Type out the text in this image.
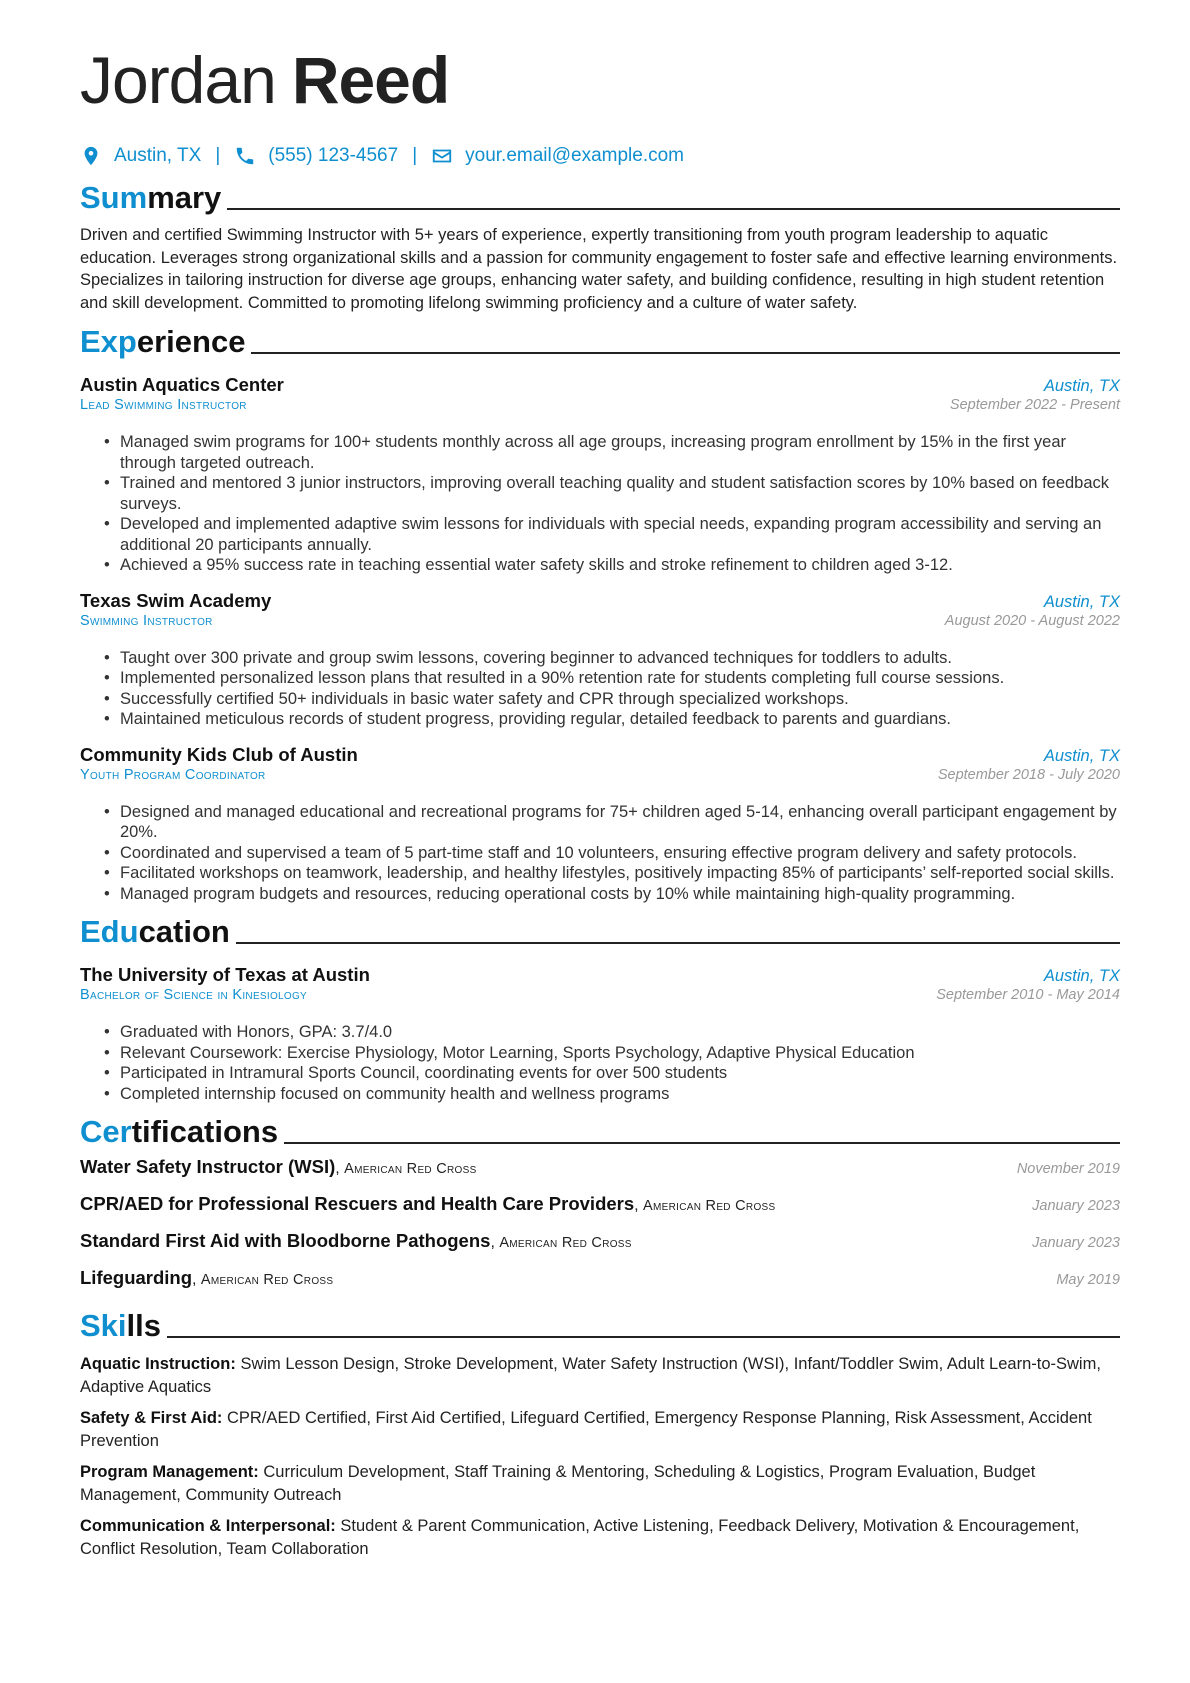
Jordan Reed
Austin, TX |	(555) 123-4567 |	your.email@example.com
Summary

Driven and certified Swimming Instructor with 5+ years of experience, expertly transitioning from youth program leadership to aquatic education. Leverages strong organizational skills and a passion for community engagement to foster safe and effective learning environments. Specializes in tailoring instruction for diverse age groups, enhancing water safety, and building confidence, resulting in high student retention and skill development. Committed to promoting lifelong swimming proficiency and a culture of water safety.

Experience
Austin Aquatics Center	Austin, TX
Lead Swimming Instructor	September 2022 - Present
• Managed swim programs for 100+ students monthly across all age groups, increasing program enrollment by 15% in the first year through targeted outreach.
• Trained and mentored 3 junior instructors, improving overall teaching quality and student satisfaction scores by 10% based on feedback surveys.
• Developed and implemented adaptive swim lessons for individuals with special needs, expanding program accessibility and serving an additional 20 participants annually.
• Achieved a 95% success rate in teaching essential water safety skills and stroke refinement to children aged 3-12.
Texas Swim Academy	Austin, TX
Swimming Instructor	August 2020 - August 2022
• Taught over 300 private and group swim lessons, covering beginner to advanced techniques for toddlers to adults.
• Implemented personalized lesson plans that resulted in a 90% retention rate for students completing full course sessions.
• Successfully certified 50+ individuals in basic water safety and CPR through specialized workshops.
• Maintained meticulous records of student progress, providing regular, detailed feedback to parents and guardians.
Community Kids Club of Austin	Austin, TX
Youth Program Coordinator	September 2018 - July 2020
• Designed and managed educational and recreational programs for 75+ children aged 5-14, enhancing overall participant engagement by 20%.
• Coordinated and supervised a team of 5 part-time staff and 10 volunteers, ensuring effective program delivery and safety protocols.
• Facilitated workshops on teamwork, leadership, and healthy lifestyles, positively impacting 85% of participants’ self-reported social skills.
• Managed program budgets and resources, reducing operational costs by 10% while maintaining high-quality programming.
Education
The University of Texas at Austin	Austin, TX
Bachelor of Science in Kinesiology	September 2010 - May 2014
• Graduated with Honors, GPA: 3.7/4.0
• Relevant Coursework: Exercise Physiology, Motor Learning, Sports Psychology, Adaptive Physical Education
• Participated in Intramural Sports Council, coordinating events for over 500 students
• Completed internship focused on community health and wellness programs
Certifications
Water Safety Instructor (WSI), American Red Cross	November 2019
CPR/AED for Professional Rescuers and Health Care Providers, American Red Cross	January 2023
Standard First Aid with Bloodborne Pathogens, American Red Cross	January 2023
Lifeguarding, American Red Cross	May 2019
Skills

Aquatic Instruction: Swim Lesson Design, Stroke Development, Water Safety Instruction (WSI), Infant/Toddler Swim, Adult Learn-to-Swim, Adaptive Aquatics

Safety & First Aid: CPR/AED Certified, First Aid Certified, Lifeguard Certified, Emergency Response Planning, Risk Assessment, Accident Prevention

Program Management: Curriculum Development, Staff Training & Mentoring, Scheduling & Logistics, Program Evaluation, Budget Management, Community Outreach

Communication & Interpersonal: Student & Parent Communication, Active Listening, Feedback Delivery, Motivation & Encouragement, Conflict Resolution, Team Collaboration
